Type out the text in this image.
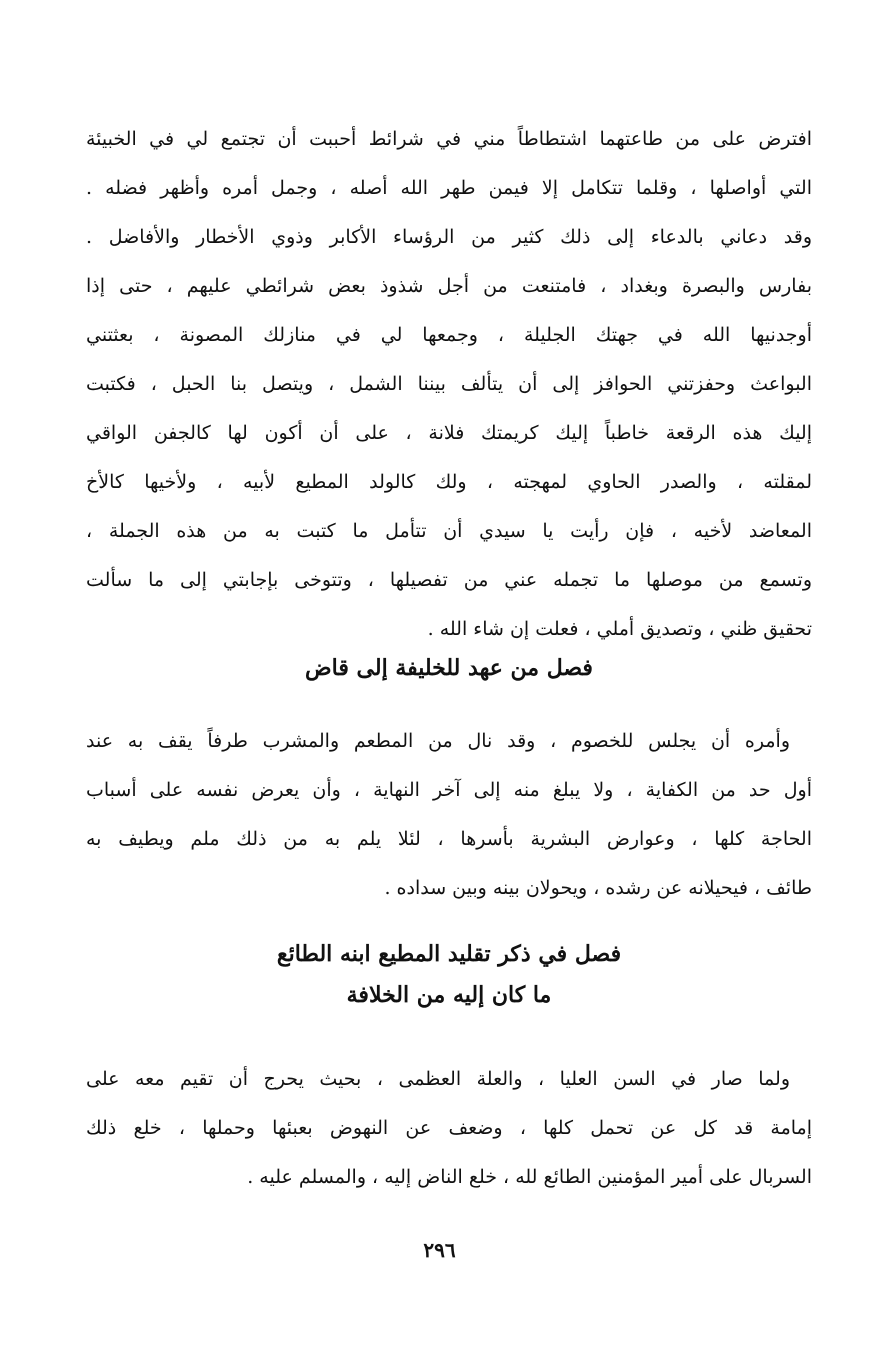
افترض على من طاعتهما اشتطاطاً مني في شرائط أحببت أن تجتمع لي في الخبيئة
التي أواصلها ، وقلما تتكامل إلا فيمن طهر الله أصله ، وجمل أمره وأظهر فضله .
وقد دعاني بالدعاء إلى ذلك كثير من الرؤساء الأكابر وذوي الأخطار والأفاضل .
بفارس والبصرة وبغداد ، فامتنعت من أجل شذوذ بعض شرائطي عليهم ، حتى إذا
أوجدنيها الله في جهتك الجليلة ، وجمعها لي في منازلك المصونة ، بعثتني
البواعث وحفزتني الحوافز إلى أن يتألف بيننا الشمل ، ويتصل بنا الحبل ، فكتبت
إليك هذه الرقعة خاطباً إليك كريمتك فلانة ، على أن أكون لها كالجفن الواقي
لمقلته ، والصدر الحاوي لمهجته ، ولك كالولد المطيع لأبيه ، ولأخيها كالأخ
المعاضد لأخيه ، فإن رأيت يا سيدي أن تتأمل ما كتبت به من هذه الجملة ،
وتسمع من موصلها ما تجمله عني من تفصيلها ، وتتوخى بإجابتي إلى ما سألت
تحقيق ظني ، وتصديق أملي ، فعلت إن شاء الله .
فصل من عهد للخليفة إلى قاض
وأمره أن يجلس للخصوم ، وقد نال من المطعم والمشرب طرفاً يقف به عند
أول حد من الكفاية ، ولا يبلغ منه إلى آخر النهاية ، وأن يعرض نفسه على أسباب
الحاجة كلها ، وعوارض البشرية بأسرها ، لئلا يلم به من ذلك ملم ويطيف به
طائف ، فيحيلانه عن رشده ، ويحولان بينه وبين سداده .
فصل في ذكر تقليد المطيع ابنه الطائع
ما كان إليه من الخلافة
ولما صار في السن العليا ، والعلة العظمى ، بحيث يحرج أن تقيم معه على
إمامة قد كل عن تحمل كلها ، وضعف عن النهوض بعبئها وحملها ، خلع ذلك
السربال على أمير المؤمنين الطائع لله ، خلع الناض إليه ، والمسلم عليه .
٢٩٦
